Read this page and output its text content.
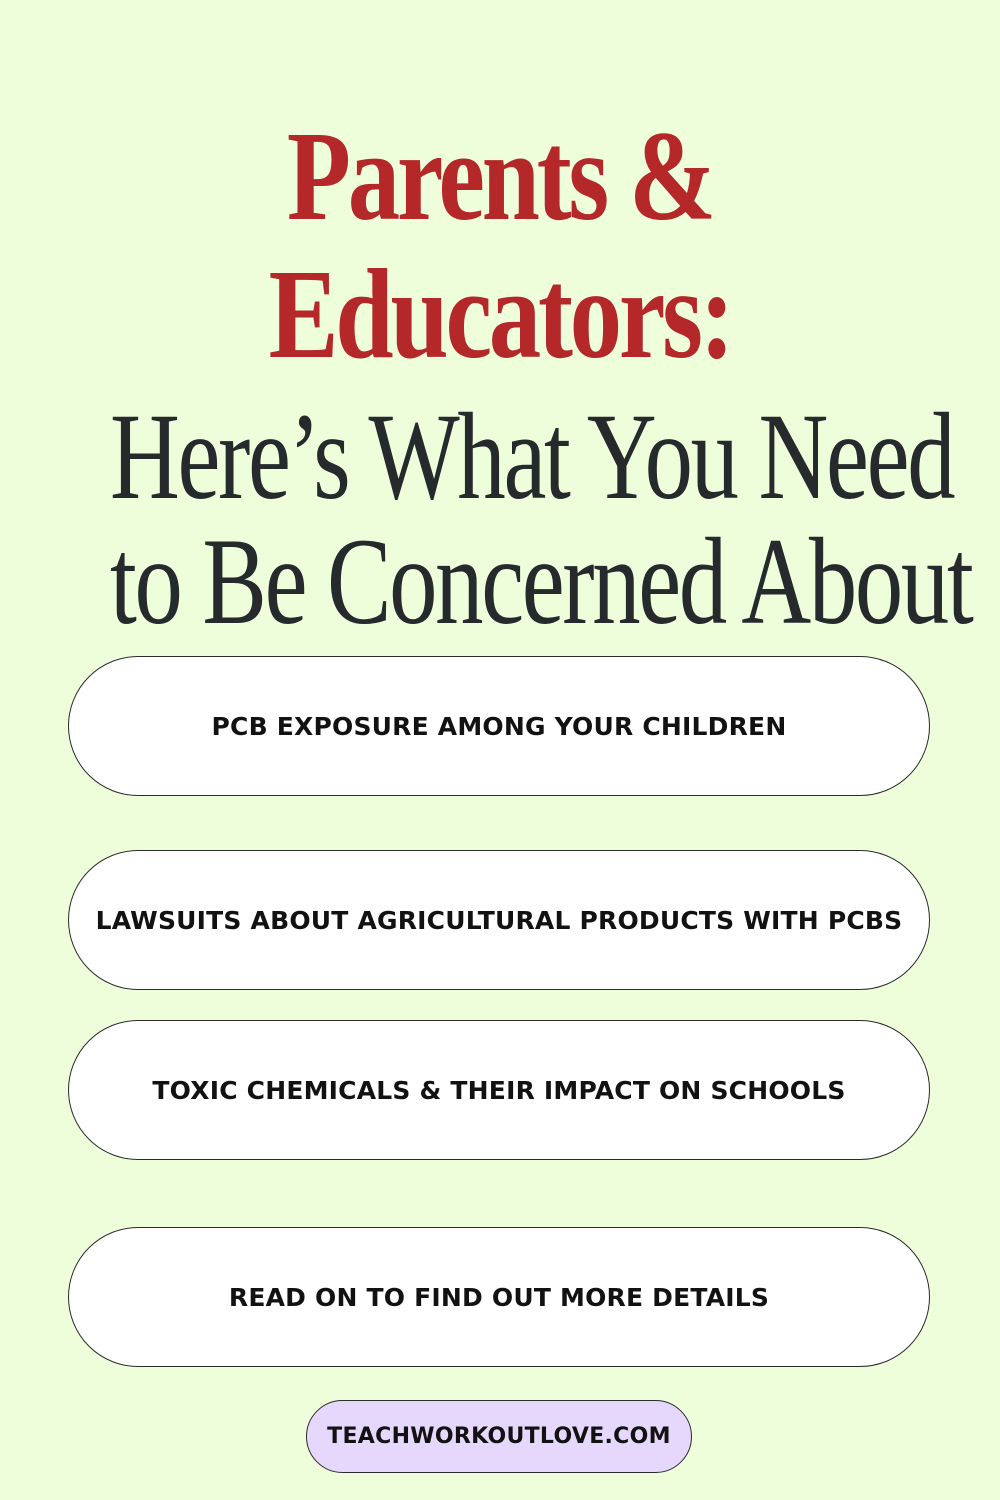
Parents &
Educators:
Here’s What You Need
to Be Concerned About
PCB EXPOSURE AMONG YOUR CHILDREN
LAWSUITS ABOUT AGRICULTURAL PRODUCTS WITH PCBS
TOXIC CHEMICALS & THEIR IMPACT ON SCHOOLS
READ ON TO FIND OUT MORE DETAILS
TEACHWORKOUTLOVE.COM
